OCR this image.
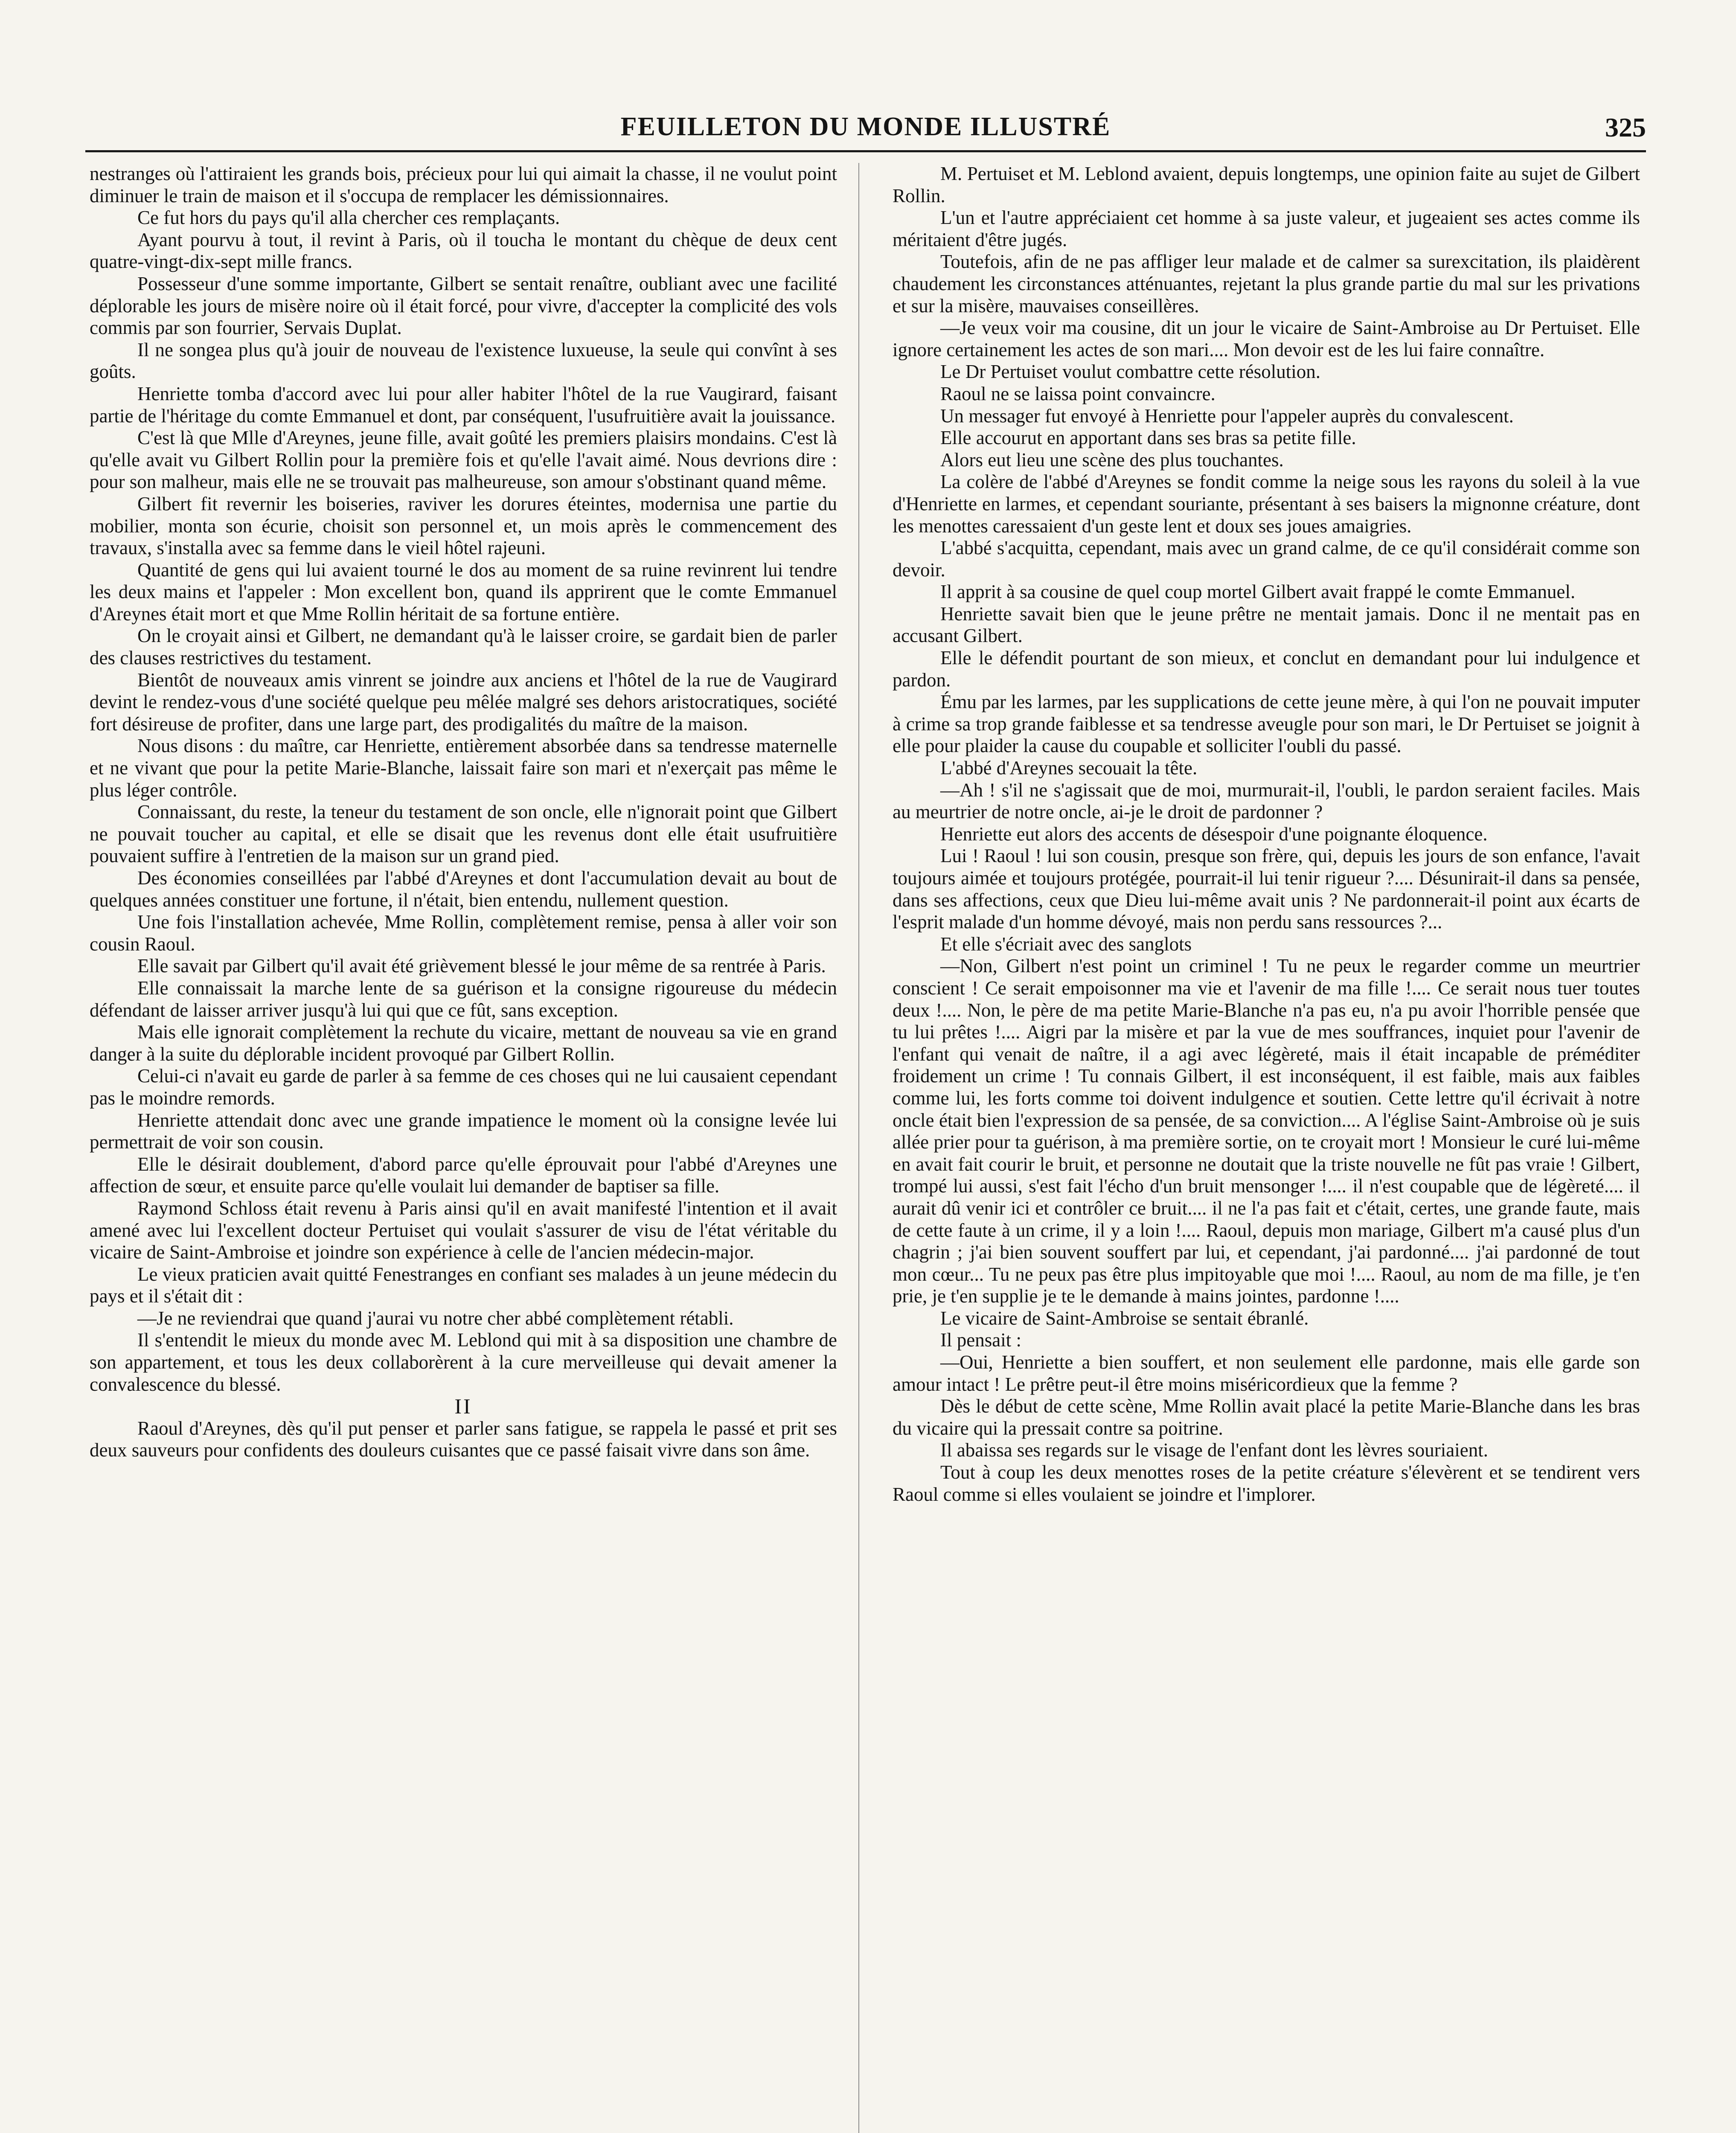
FEUILLETON DU MONDE ILLUSTRÉ	325

nestranges où l'attiraient les grands bois, précieux pour lui qui aimait la chasse, il ne voulut point diminuer le train de maison et il s'occupa de remplacer les démissionnaires.

Ce fut hors du pays qu'il alla chercher ces remplaçants.

Ayant pourvu à tout, il revint à Paris, où il toucha le montant du chèque de deux cent quatre-vingt-dix-sept mille francs.

Possesseur d'une somme importante, Gilbert se sentait renaître, oubliant avec une facilité déplorable les jours de misère noire où il était forcé, pour vivre, d'accepter la complicité des vols commis par son fourrier, Servais Duplat.

Il ne songea plus qu'à jouir de nouveau de l'existence luxueuse, la seule qui convînt à ses goûts.

Henriette tomba d'accord avec lui pour aller habiter l'hôtel de la rue Vaugirard, faisant partie de l'héritage du comte Emmanuel et dont, par conséquent, l'usufruitière avait la jouissance.

C'est là que Mlle d'Areynes, jeune fille, avait goûté les premiers plaisirs mondains. C'est là qu'elle avait vu Gilbert Rollin pour la première fois et qu'elle l'avait aimé. Nous devrions dire : pour son malheur, mais elle ne se trouvait pas malheureuse, son amour s'obstinant quand même.

Gilbert fit revernir les boiseries, raviver les dorures éteintes, modernisa une partie du mobilier, monta son écurie, choisit son personnel et, un mois après le commencement des travaux, s'installa avec sa femme dans le vieil hôtel rajeuni.

Quantité de gens qui lui avaient tourné le dos au moment de sa ruine revinrent lui tendre les deux mains et l'appeler : Mon excellent bon, quand ils apprirent que le comte Emmanuel d'Areynes était mort et que Mme Rollin héritait de sa fortune entière.

On le croyait ainsi et Gilbert, ne demandant qu'à le laisser croire, se gardait bien de parler des clauses restrictives du testament.

Bientôt de nouveaux amis vinrent se joindre aux anciens et l'hôtel de la rue de Vaugirard devint le rendez-vous d'une société quelque peu mêlée malgré ses dehors aristocratiques, société fort désireuse de profiter, dans une large part, des prodigalités du maître de la maison.

Nous disons : du maître, car Henriette, entièrement absorbée dans sa tendresse maternelle et ne vivant que pour la petite Marie-Blanche, laissait faire son mari et n'exerçait pas même le plus léger contrôle.

Connaissant, du reste, la teneur du testament de son oncle, elle n'ignorait point que Gilbert ne pouvait toucher au capital, et elle se disait que les revenus dont elle était usufruitière pouvaient suffire à l'entretien de la maison sur un grand pied.

Des économies conseillées par l'abbé d'Areynes et dont l'accumulation devait au bout de quelques années constituer une fortune, il n'était, bien entendu, nullement question.

Une fois l'installation achevée, Mme Rollin, complètement remise, pensa à aller voir son cousin Raoul.

Elle savait par Gilbert qu'il avait été grièvement blessé le jour même de sa rentrée à Paris.

Elle connaissait la marche lente de sa guérison et la consigne rigoureuse du médecin défendant de laisser arriver jusqu'à lui qui que ce fût, sans exception.

Mais elle ignorait complètement la rechute du vicaire, mettant de nouveau sa vie en grand danger à la suite du déplorable incident provoqué par Gilbert Rollin.

Celui-ci n'avait eu garde de parler à sa femme de ces choses qui ne lui causaient cependant pas le moindre remords.

Henriette attendait donc avec une grande impatience le moment où la consigne levée lui permettrait de voir son cousin.

Elle le désirait doublement, d'abord parce qu'elle éprouvait pour l'abbé d'Areynes une affection de sœur, et ensuite parce qu'elle voulait lui demander de baptiser sa fille.

Raymond Schloss était revenu à Paris ainsi qu'il en avait manifesté l'intention et il avait amené avec lui l'excellent docteur Pertuiset qui voulait s'assurer de visu de l'état véritable du vicaire de Saint-Ambroise et joindre son expérience à celle de l'ancien médecin-major.

Le vieux praticien avait quitté Fenestranges en confiant ses malades à un jeune médecin du pays et il s'était dit :

—Je ne reviendrai que quand j'aurai vu notre cher abbé complètement rétabli.

Il s'entendit le mieux du monde avec M. Leblond qui mit à sa disposition une chambre de son appartement, et tous les deux collaborèrent à la cure merveilleuse qui devait amener la convalescence du blessé.

II

Raoul d'Areynes, dès qu'il put penser et parler sans fatigue, se rappela le passé et prit ses deux sauveurs pour confidents des douleurs cuisantes que ce passé faisait vivre dans son âme.

M. Pertuiset et M. Leblond avaient, depuis longtemps, une opinion faite au sujet de Gilbert Rollin.

L'un et l'autre appréciaient cet homme à sa juste valeur, et jugeaient ses actes comme ils méritaient d'être jugés.

Toutefois, afin de ne pas affliger leur malade et de calmer sa surexcitation, ils plaidèrent chaudement les circonstances atténuantes, rejetant la plus grande partie du mal sur les privations et sur la misère, mauvaises conseillères.

—Je veux voir ma cousine, dit un jour le vicaire de Saint-Ambroise au Dr Pertuiset. Elle ignore certainement les actes de son mari.... Mon devoir est de les lui faire connaître.

Le Dr Pertuiset voulut combattre cette résolution.

Raoul ne se laissa point convaincre.

Un messager fut envoyé à Henriette pour l'appeler auprès du convalescent.

Elle accourut en apportant dans ses bras sa petite fille.

Alors eut lieu une scène des plus touchantes.

La colère de l'abbé d'Areynes se fondit comme la neige sous les rayons du soleil à la vue d'Henriette en larmes, et cependant souriante, présentant à ses baisers la mignonne créature, dont les menottes caressaient d'un geste lent et doux ses joues amaigries.

L'abbé s'acquitta, cependant, mais avec un grand calme, de ce qu'il considérait comme son devoir.

Il apprit à sa cousine de quel coup mortel Gilbert avait frappé le comte Emmanuel.

Henriette savait bien que le jeune prêtre ne mentait jamais. Donc il ne mentait pas en accusant Gilbert.

Elle le défendit pourtant de son mieux, et conclut en demandant pour lui indulgence et pardon.

Ému par les larmes, par les supplications de cette jeune mère, à qui l'on ne pouvait imputer à crime sa trop grande faiblesse et sa tendresse aveugle pour son mari, le Dr Pertuiset se joignit à elle pour plaider la cause du coupable et solliciter l'oubli du passé.

L'abbé d'Areynes secouait la tête.

—Ah ! s'il ne s'agissait que de moi, murmurait-il, l'oubli, le pardon seraient faciles. Mais au meurtrier de notre oncle, ai-je le droit de pardonner ?

Henriette eut alors des accents de désespoir d'une poignante éloquence.

Lui ! Raoul ! lui son cousin, presque son frère, qui, depuis les jours de son enfance, l'avait toujours aimée et toujours protégée, pourrait-il lui tenir rigueur ?.... Désunirait-il dans sa pensée, dans ses affections, ceux que Dieu lui-même avait unis ? Ne pardonnerait-il point aux écarts de l'esprit malade d'un homme dévoyé, mais non perdu sans ressources ?...

Et elle s'écriait avec des sanglots

—Non, Gilbert n'est point un criminel ! Tu ne peux le regarder comme un meurtrier conscient ! Ce serait empoisonner ma vie et l'avenir de ma fille !.... Ce serait nous tuer toutes deux !.... Non, le père de ma petite Marie-Blanche n'a pas eu, n'a pu avoir l'horrible pensée que tu lui prêtes !.... Aigri par la misère et par la vue de mes souffrances, inquiet pour l'avenir de l'enfant qui venait de naître, il a agi avec légèreté, mais il était incapable de préméditer froidement un crime ! Tu connais Gilbert, il est inconséquent, il est faible, mais aux faibles comme lui, les forts comme toi doivent indulgence et soutien. Cette lettre qu'il écrivait à notre oncle était bien l'expression de sa pensée, de sa conviction.... A l'église Saint-Ambroise où je suis allée prier pour ta guérison, à ma première sortie, on te croyait mort ! Monsieur le curé lui-même en avait fait courir le bruit, et personne ne doutait que la triste nouvelle ne fût pas vraie ! Gilbert, trompé lui aussi, s'est fait l'écho d'un bruit mensonger !.... il n'est coupable que de légèreté.... il aurait dû venir ici et contrôler ce bruit.... il ne l'a pas fait et c'était, certes, une grande faute, mais de cette faute à un crime, il y a loin !.... Raoul, depuis mon mariage, Gilbert m'a causé plus d'un chagrin ; j'ai bien souvent souffert par lui, et cependant, j'ai pardonné.... j'ai pardonné de tout mon cœur... Tu ne peux pas être plus impitoyable que moi !.... Raoul, au nom de ma fille, je t'en prie, je t'en supplie je te le demande à mains jointes, pardonne !....

Le vicaire de Saint-Ambroise se sentait ébranlé.

Il pensait :

—Oui, Henriette a bien souffert, et non seulement elle pardonne, mais elle garde son amour intact ! Le prêtre peut-il être moins miséricordieux que la femme ?

Dès le début de cette scène, Mme Rollin avait placé la petite Marie-Blanche dans les bras du vicaire qui la pressait contre sa poitrine.

Il abaissa ses regards sur le visage de l'enfant dont les lèvres souriaient.

Tout à coup les deux menottes roses de la petite créature s'élevèrent et se tendirent vers Raoul comme si elles voulaient se joindre et l'implorer.
